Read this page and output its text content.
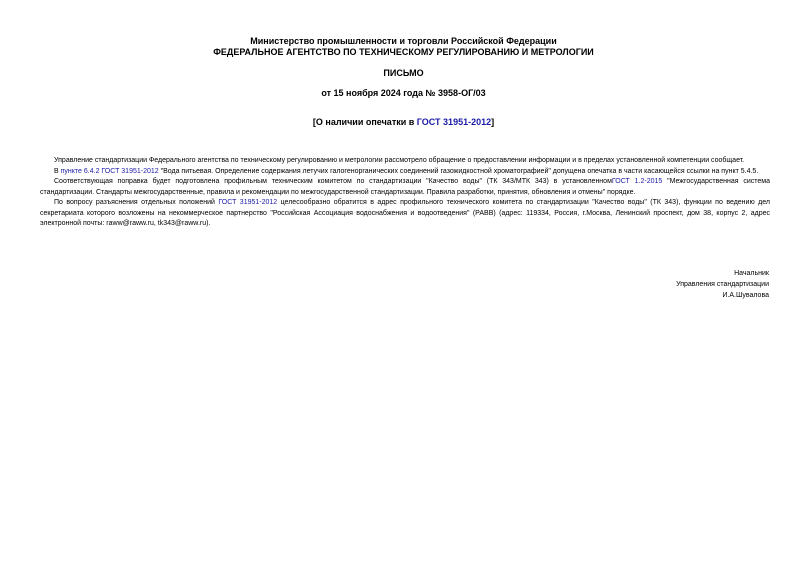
Министерство промышленности и торговли Российской Федерации
ФЕДЕРАЛЬНОЕ АГЕНТСТВО ПО ТЕХНИЧЕСКОМУ РЕГУЛИРОВАНИЮ И МЕТРОЛОГИИ
ПИСЬМО
от 15 ноября 2024 года № 3958-ОГ/03
[О наличии опечатки в ГОСТ 31951-2012]

Управление стандартизации Федерального агентства по техническому регулированию и метрологии рассмотрело обращение о предоставлении информации и в пределах установленной компетенции сообщает.

В пункте 6.4.2 ГОСТ 31951-2012 "Вода питьевая. Определение содержания летучих галогенорганических соединений газожидкостной хроматографией" допущена опечатка в части касающейся ссылки на пункт 5.4.5.

Соответствующая поправка будет подготовлена профильным техническим комитетом по стандартизации "Качество воды" (ТК 343/МТК 343) в установленномГОСТ 1.2-2015 "Межгосударственная система стандартизации. Стандарты межгосударственные, правила и рекомендации по межгосударственной стандартизации. Правила разработки, принятия, обновления и отмены" порядке.

По вопросу разъяснения отдельных положений ГОСТ 31951-2012 целесообразно обратится в адрес профильного технического комитета по стандартизации "Качество воды" (ТК 343), функции по ведению дел секретариата которого возложены на некоммерческое партнерство "Российская Ассоциация водоснабжения и водоотведения" (РАВВ) (адрес: 119334, Россия, г.Москва, Ленинский проспект, дом 38, корпус 2, адрес электронной почты: raww@raww.ru, tk343@raww.ru).

Начальник
Управления стандартизации
И.А.Шувалова
